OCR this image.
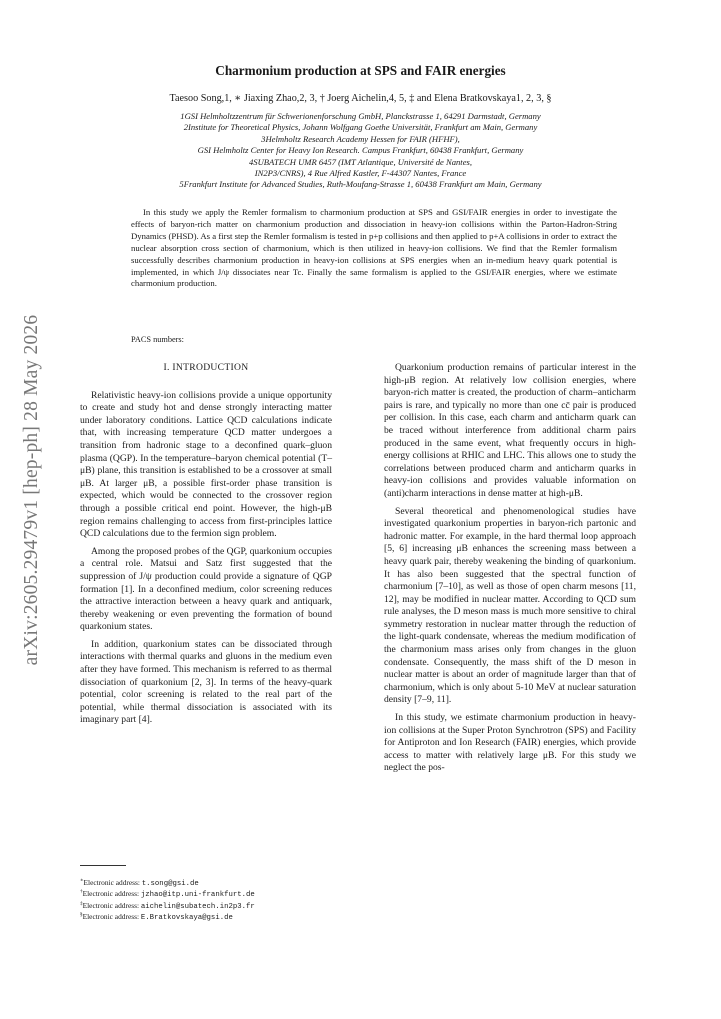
arXiv:2605.29479v1 [hep-ph] 28 May 2026
Charmonium production at SPS and FAIR energies
Taesoo Song,1, ∗ Jiaxing Zhao,2, 3, † Joerg Aichelin,4, 5, ‡ and Elena Bratkovskaya1, 2, 3, §
1GSI Helmholtzzentrum für Schwerionenforschung GmbH, Planckstrasse 1, 64291 Darmstadt, Germany
2Institute for Theoretical Physics, Johann Wolfgang Goethe Universität, Frankfurt am Main, Germany
3Helmholtz Research Academy Hessen for FAIR (HFHF),
GSI Helmholtz Center for Heavy Ion Research. Campus Frankfurt, 60438 Frankfurt, Germany
4SUBATECH UMR 6457 (IMT Atlantique, Université de Nantes,
IN2P3/CNRS), 4 Rue Alfred Kastler, F-44307 Nantes, France
5Frankfurt Institute for Advanced Studies, Ruth-Moufang-Strasse 1, 60438 Frankfurt am Main, Germany

In this study we apply the Remler formalism to charmonium production at SPS and GSI/FAIR energies in order to investigate the effects of baryon-rich matter on charmonium production and dissociation in heavy-ion collisions within the Parton-Hadron-String Dynamics (PHSD). As a first step the Remler formalism is tested in p+p collisions and then applied to p+A collisions in order to extract the nuclear absorption cross section of charmonium, which is then utilized in heavy-ion collisions. We find that the Remler formalism successfully describes charmonium production in heavy-ion collisions at SPS energies when an in-medium heavy quark potential is implemented, in which J/ψ dissociates near Tc. Finally the same formalism is applied to the GSI/FAIR energies, where we estimate charmonium production.

PACS numbers:
I. INTRODUCTION

Relativistic heavy-ion collisions provide a unique opportunity to create and study hot and dense strongly interacting matter under laboratory conditions. Lattice QCD calculations indicate that, with increasing temperature QCD matter undergoes a transition from hadronic stage to a deconfined quark–gluon plasma (QGP). In the temperature–baryon chemical potential (T–μB) plane, this transition is established to be a crossover at small μB. At larger μB, a possible first-order phase transition is expected, which would be connected to the crossover region through a possible critical end point. However, the high-μB region remains challenging to access from first-principles lattice QCD calculations due to the fermion sign problem.

Among the proposed probes of the QGP, quarkonium occupies a central role. Matsui and Satz first suggested that the suppression of J/ψ production could provide a signature of QGP formation [1]. In a deconfined medium, color screening reduces the attractive interaction between a heavy quark and antiquark, thereby weakening or even preventing the formation of bound quarkonium states.

In addition, quarkonium states can be dissociated through interactions with thermal quarks and gluons in the medium even after they have formed. This mechanism is referred to as thermal dissociation of quarkonium [2, 3]. In terms of the heavy-quark potential, color screening is related to the real part of the potential, while thermal dissociation is associated with its imaginary part [4].

Quarkonium production remains of particular interest in the high-μB region. At relatively low collision energies, where baryon-rich matter is created, the production of charm–anticharm pairs is rare, and typically no more than one cc̄ pair is produced per collision. In this case, each charm and anticharm quark can be traced without interference from additional charm pairs produced in the same event, what frequently occurs in high-energy collisions at RHIC and LHC. This allows one to study the correlations between produced charm and anticharm quarks in heavy-ion collisions and provides valuable information on (anti)charm interactions in dense matter at high-μB.

Several theoretical and phenomenological studies have investigated quarkonium properties in baryon-rich partonic and hadronic matter. For example, in the hard thermal loop approach [5, 6] increasing μB enhances the screening mass between a heavy quark pair, thereby weakening the binding of quarkonium. It has also been suggested that the spectral function of charmonium [7–10], as well as those of open charm mesons [11, 12], may be modified in nuclear matter. According to QCD sum rule analyses, the D meson mass is much more sensitive to chiral symmetry restoration in nuclear matter through the reduction of the light-quark condensate, whereas the medium modification of the charmonium mass arises only from changes in the gluon condensate. Consequently, the mass shift of the D meson in nuclear matter is about an order of magnitude larger than that of charmonium, which is only about 5-10 MeV at nuclear saturation density [7–9, 11].

In this study, we estimate charmonium production in heavy-ion collisions at the Super Proton Synchrotron (SPS) and Facility for Antiproton and Ion Research (FAIR) energies, which provide access to matter with relatively large μB. For this study we neglect the pos-

∗Electronic address: t.song@gsi.de
†Electronic address: jzhao@itp.uni-frankfurt.de
‡Electronic address: aichelin@subatech.in2p3.fr
§Electronic address: E.Bratkovskaya@gsi.de
